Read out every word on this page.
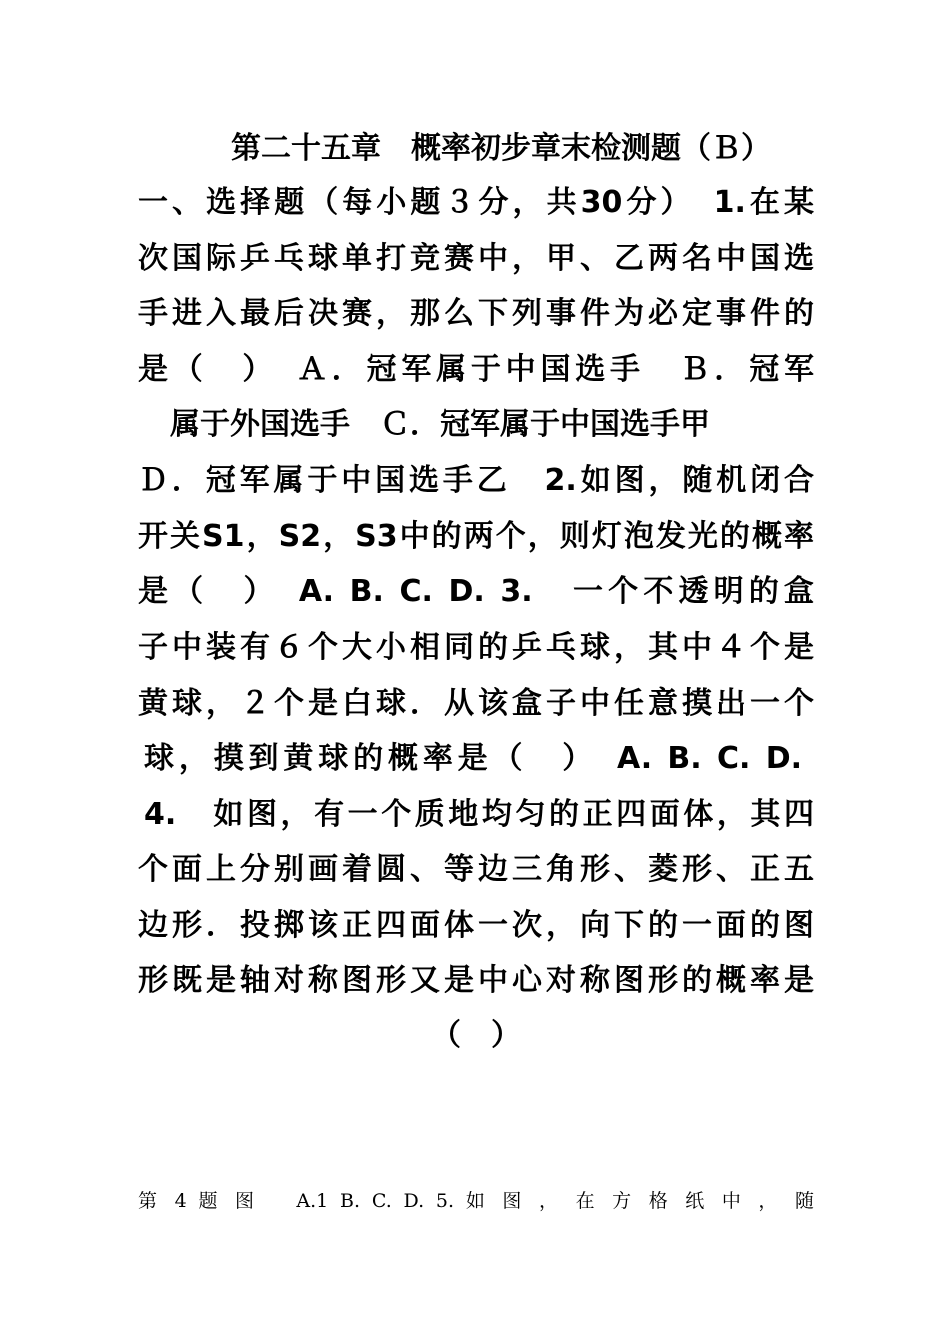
第二十五章　概率初步章末检测题（Ｂ）
一、选择题（每小题３分，共30分）　1.在某
次国际乒乓球单打竞赛中，甲、乙两名中国选
手进入最后决赛，那么下列事件为必定事件的
是（　）　Ａ．冠军属于中国选手　Ｂ．冠军
属于外国选手　Ｃ．冠军属于中国选手甲
Ｄ．冠军属于中国选手乙　2.如图，随机闭合
开关S1，S2，S3中的两个，则灯泡发光的概率
是（　）　A. B. C. D. 3.　一个不透明的盒
子中装有６个大小相同的乒乓球，其中４个是
黄球，２个是白球．从该盒子中任意摸出一个
球，摸到黄球的概率是（　）　A. B. C. D.
4.　如图，有一个质地均匀的正四面体，其四
个面上分别画着圆、等边三角形、菱形、正五
边形．投掷该正四面体一次，向下的一面的图
形既是轴对称图形又是中心对称图形的概率是
（　）
第 4 题 图　 A.1 B. C. D. 5. 如 图 ， 在 方 格 纸 中 ， 随
